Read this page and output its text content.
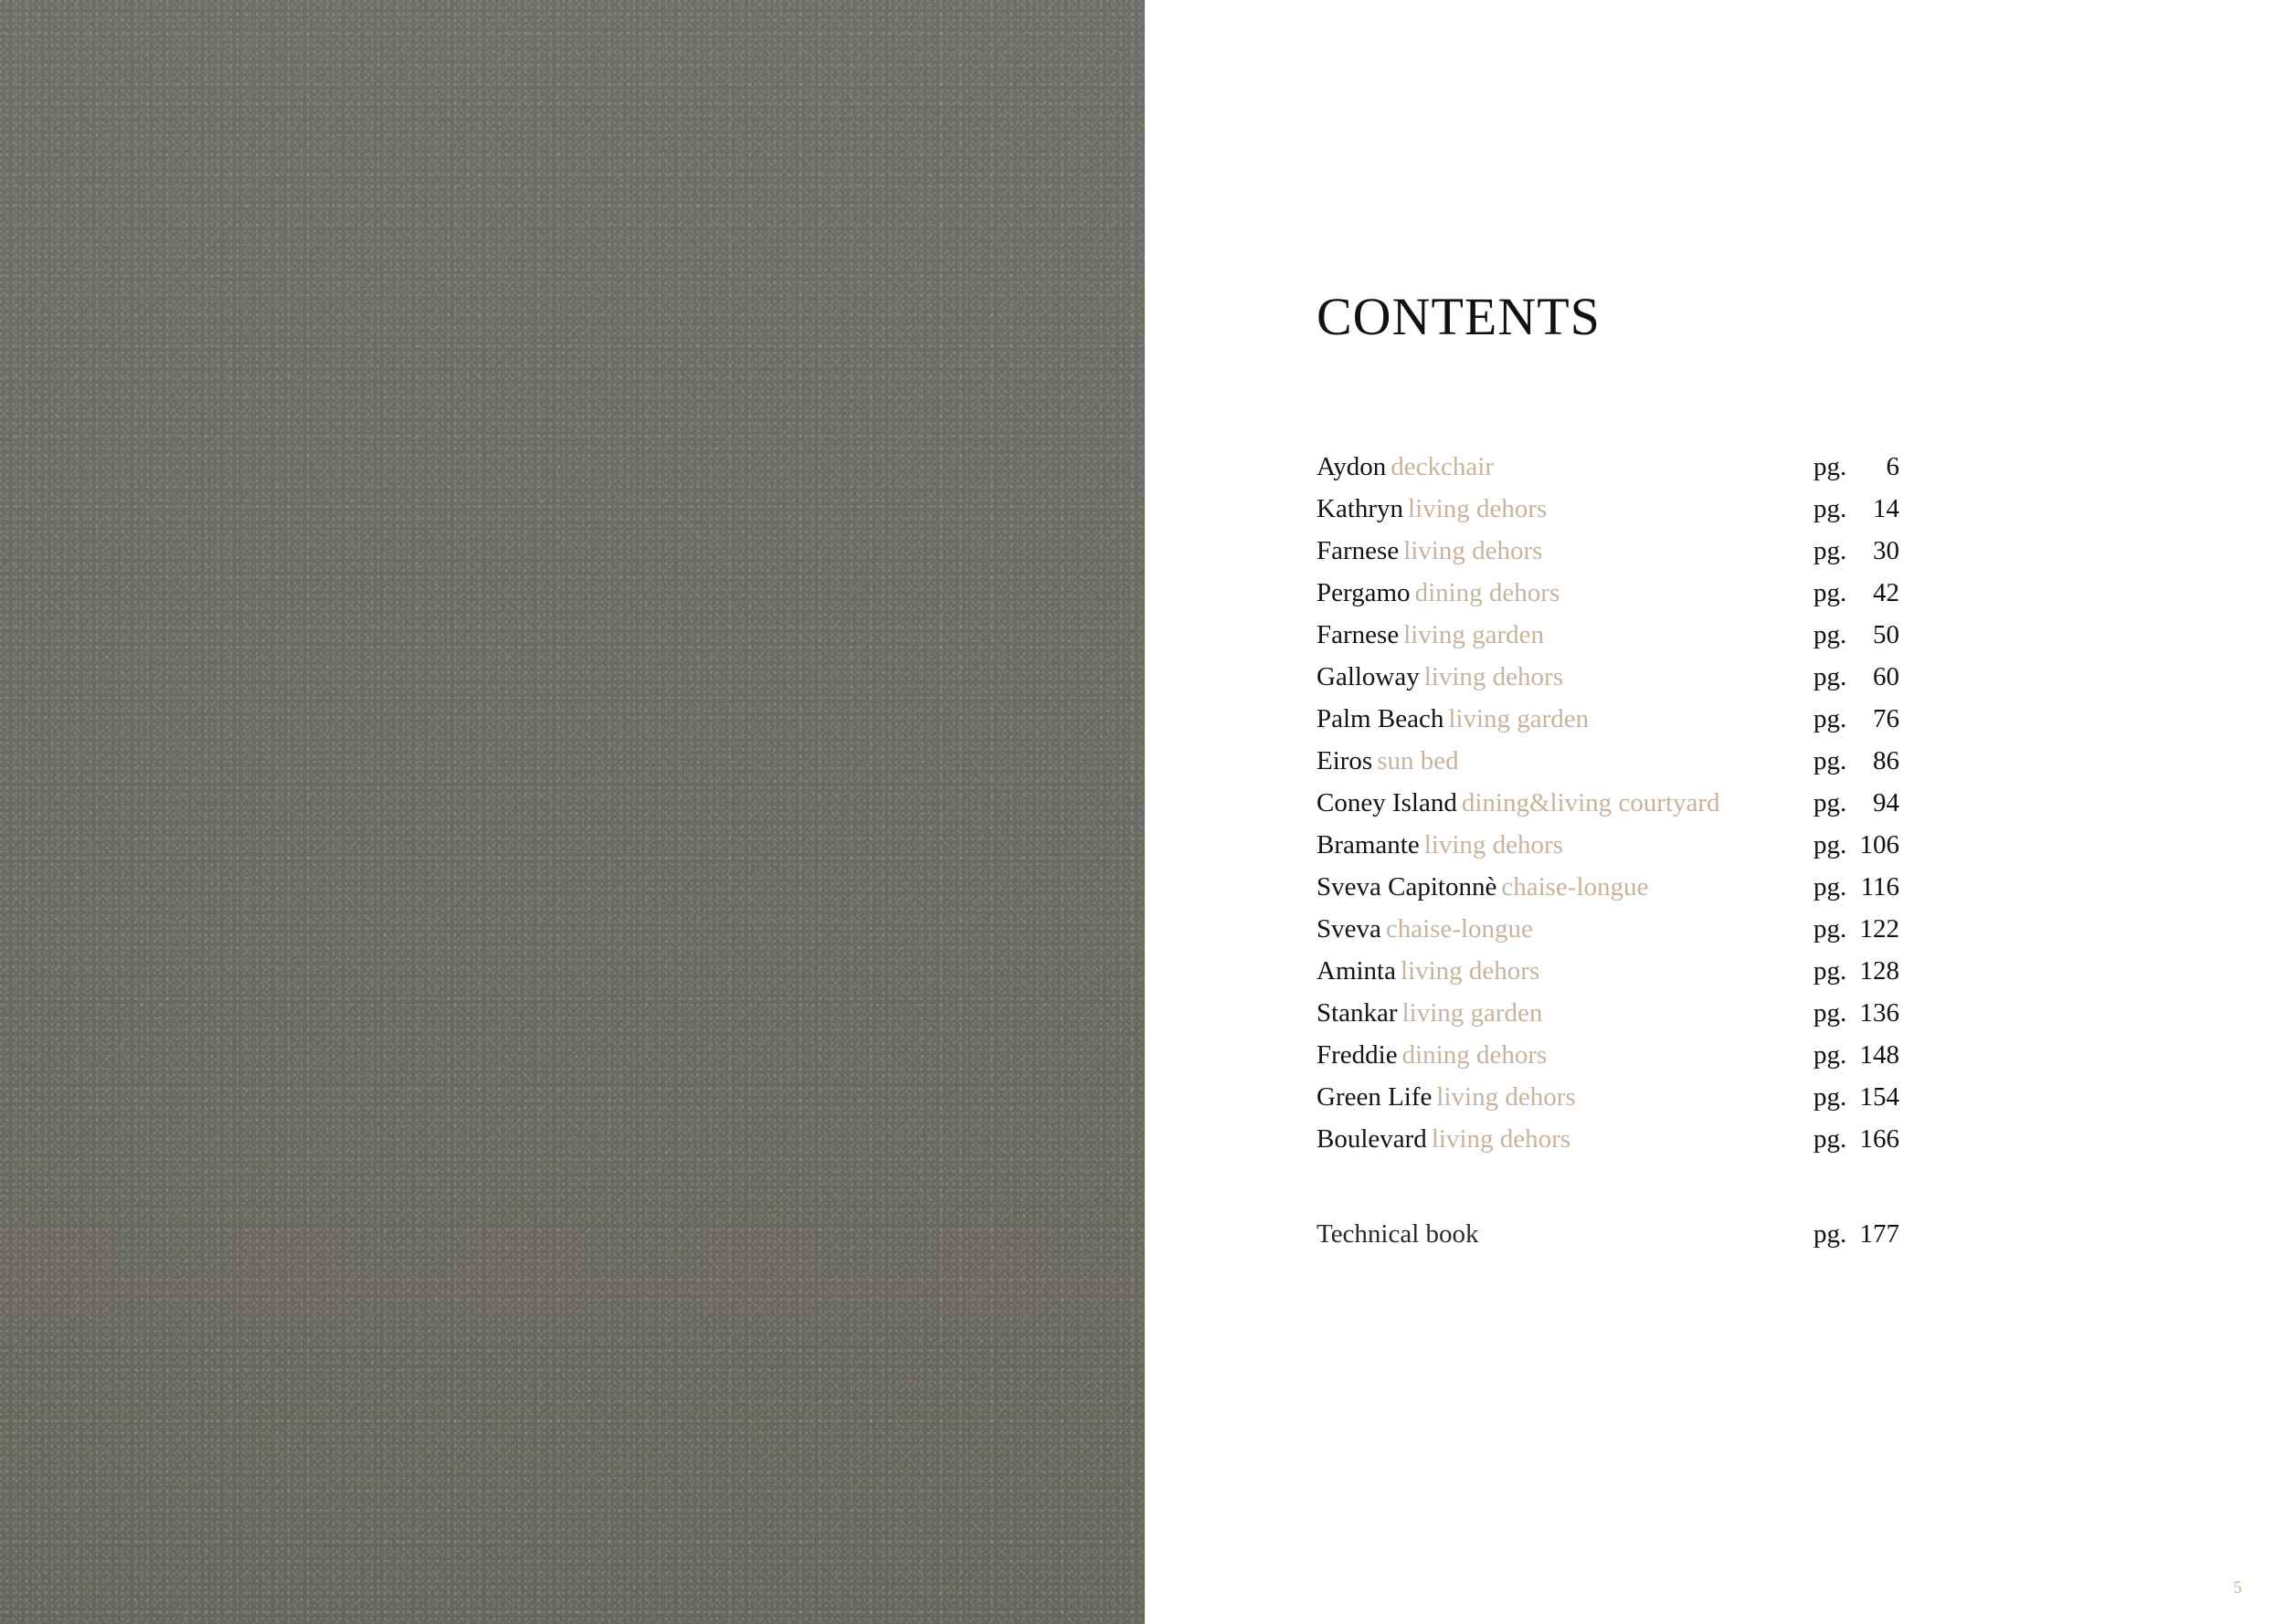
CONTENTS
Aydon deckchair	pg.	6
Kathryn living dehors	pg. 14
Farnese living dehors	pg. 30
Pergamo dining dehors	pg. 42
Farnese living garden	pg. 50
Galloway living dehors	pg. 60
Palm Beach living garden	pg. 76
Eiros sun bed	pg. 86
Coney Island dining&living courtyard	pg. 94
Bramante living dehors	pg. 106
Sveva Capitonnè chaise-longue	pg. 116
Sveva chaise-longue	pg. 122
Aminta living dehors	pg. 128
Stankar living garden	pg. 136
Freddie dining dehors	pg. 148
Green Life living dehors	pg. 154
Boulevard living dehors	pg. 166
Technical book	pg. 177
5
